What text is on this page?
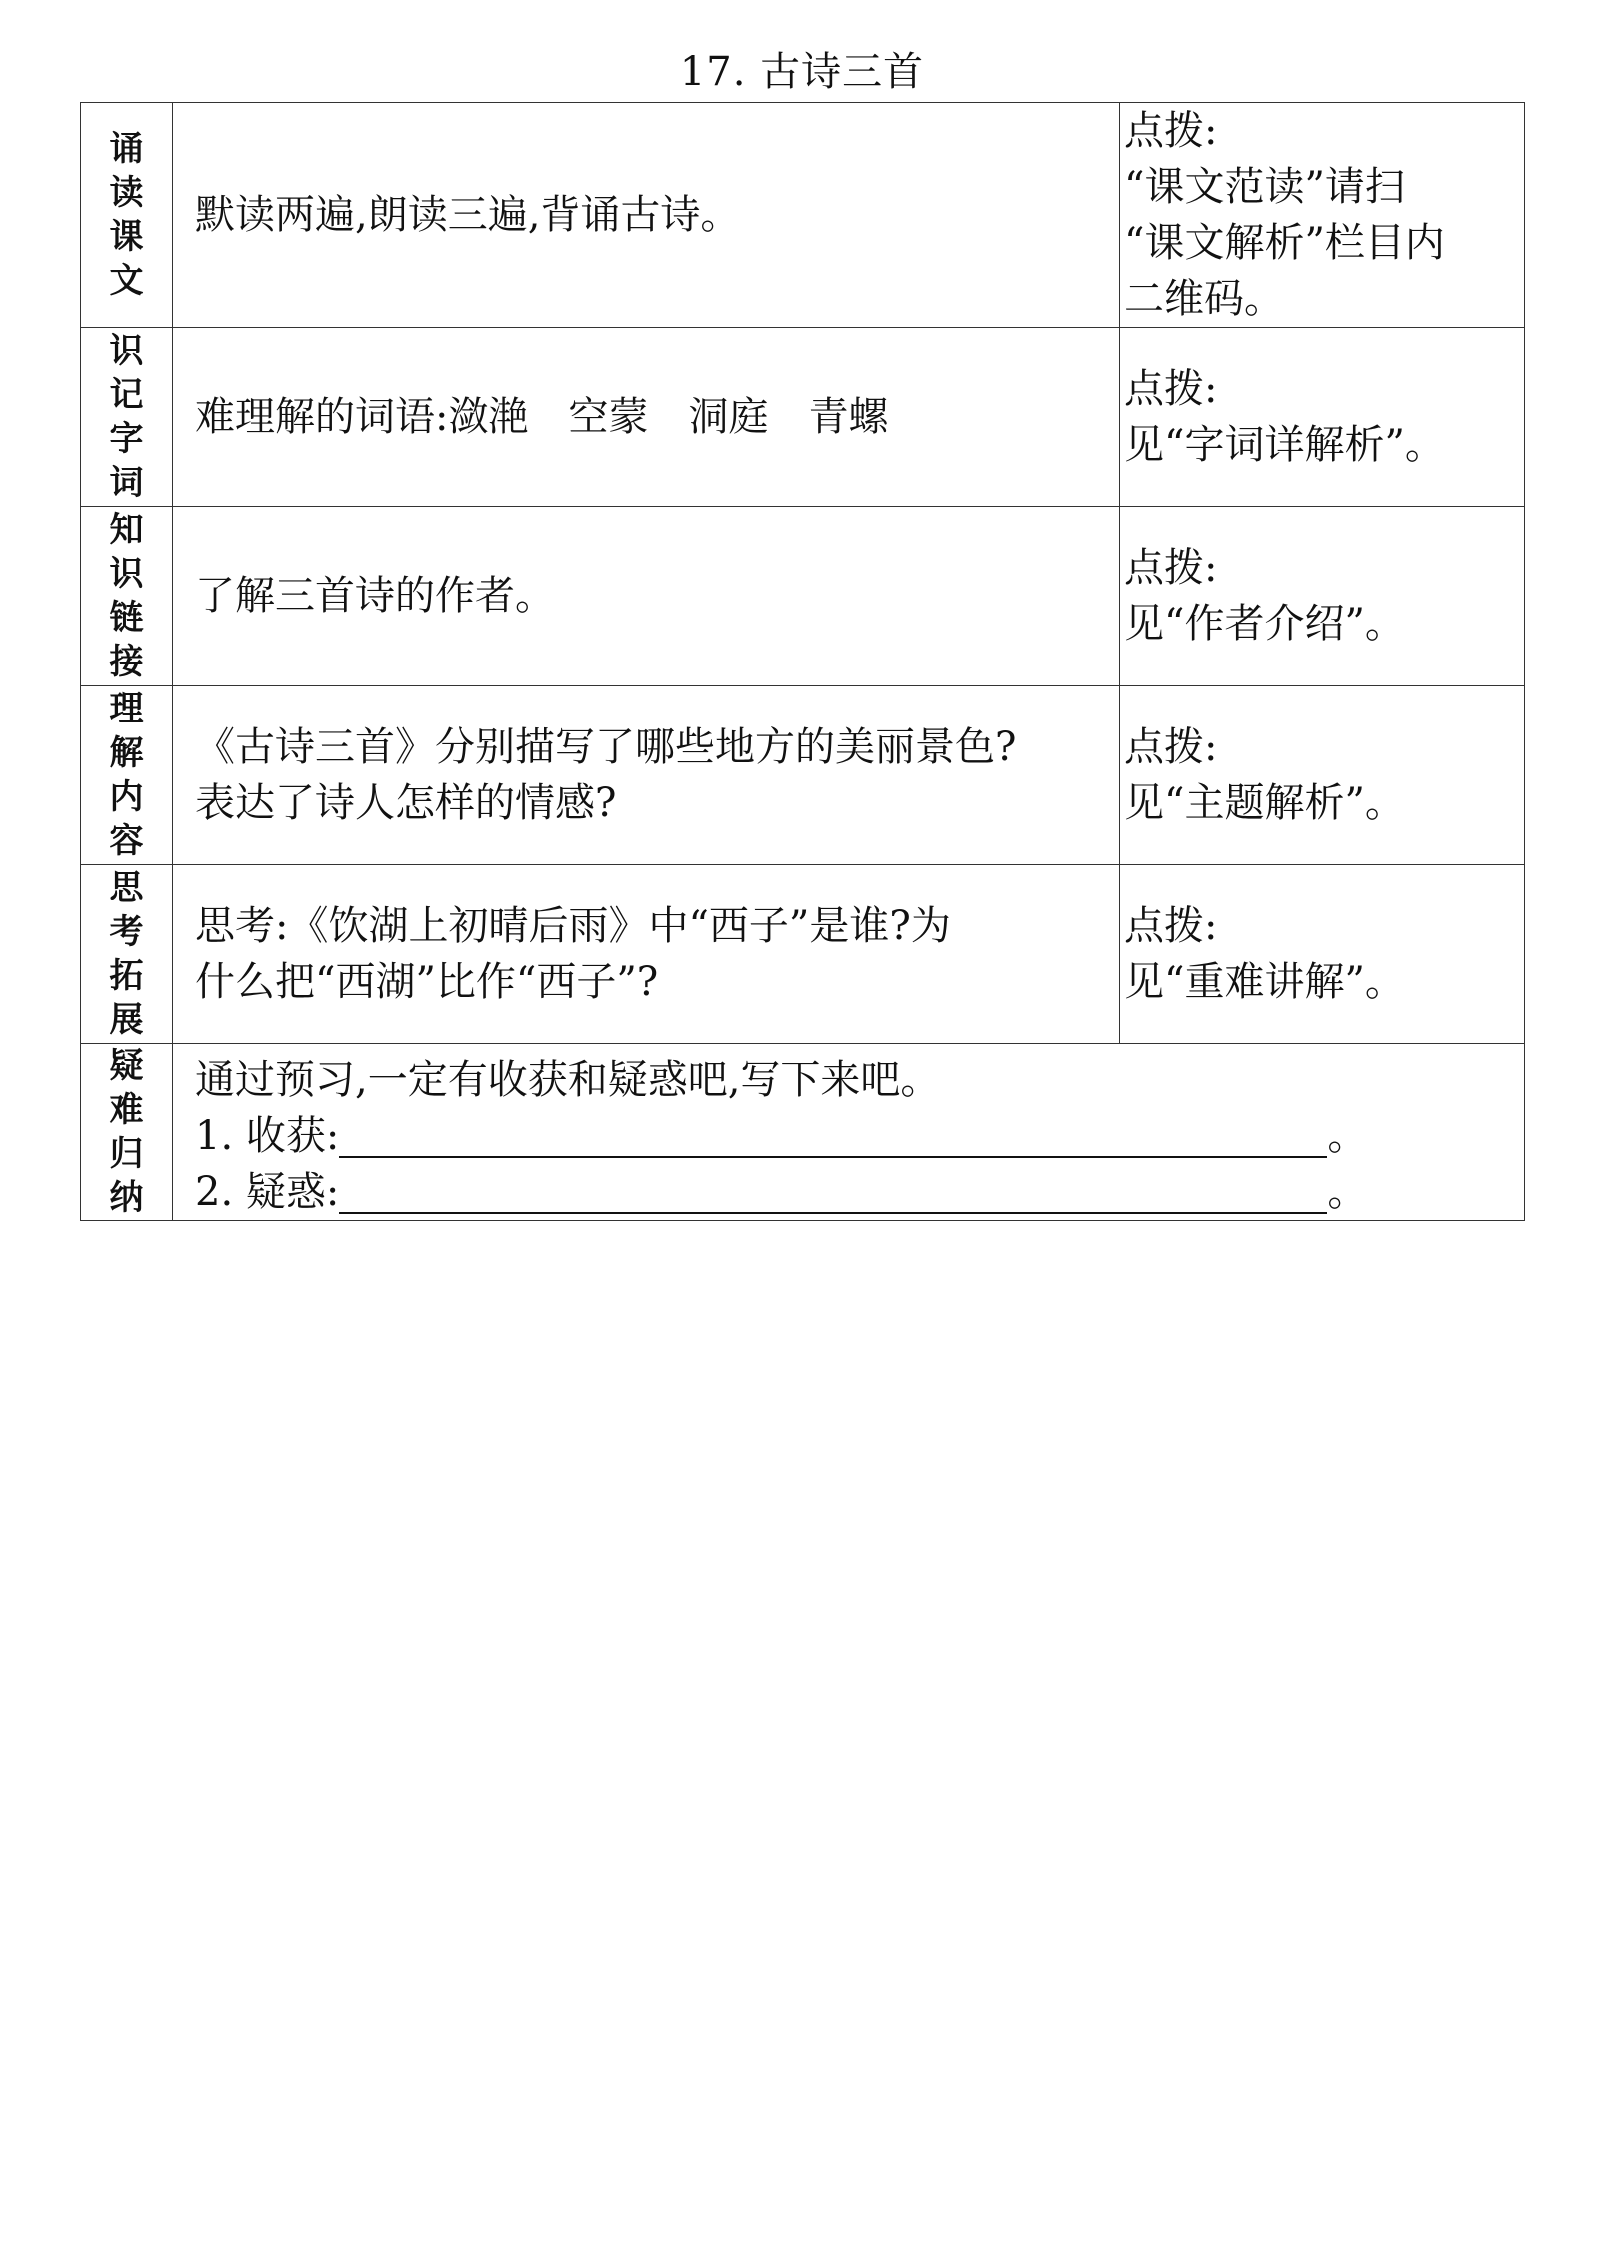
17. 古诗三首
诵
读
课
文	默读两遍,朗读三遍,背诵古诗。	点拨:
“课文范读”请扫
“课文解析”栏目内
二维码。

识
记
字
词	难理解的词语:潋滟　空蒙　洞庭　青螺	点拨:
见“字词详解析”。

知
识
链
接	了解三首诗的作者。	点拨:
见“作者介绍”。

理
解
内
容	《古诗三首》分别描写了哪些地方的美丽景色?
表达了诗人怎样的情感?	点拨:
见“主题解析”。

思
考
拓
展	思考:《饮湖上初晴后雨》中“西子”是谁?为
什么把“西湖”比作“西子”?	点拨:
见“重难讲解”。

疑
难
归
纳	通过预习,一定有收获和疑惑吧,写下来吧。
1. 收获: 。
2. 疑惑: 。	
